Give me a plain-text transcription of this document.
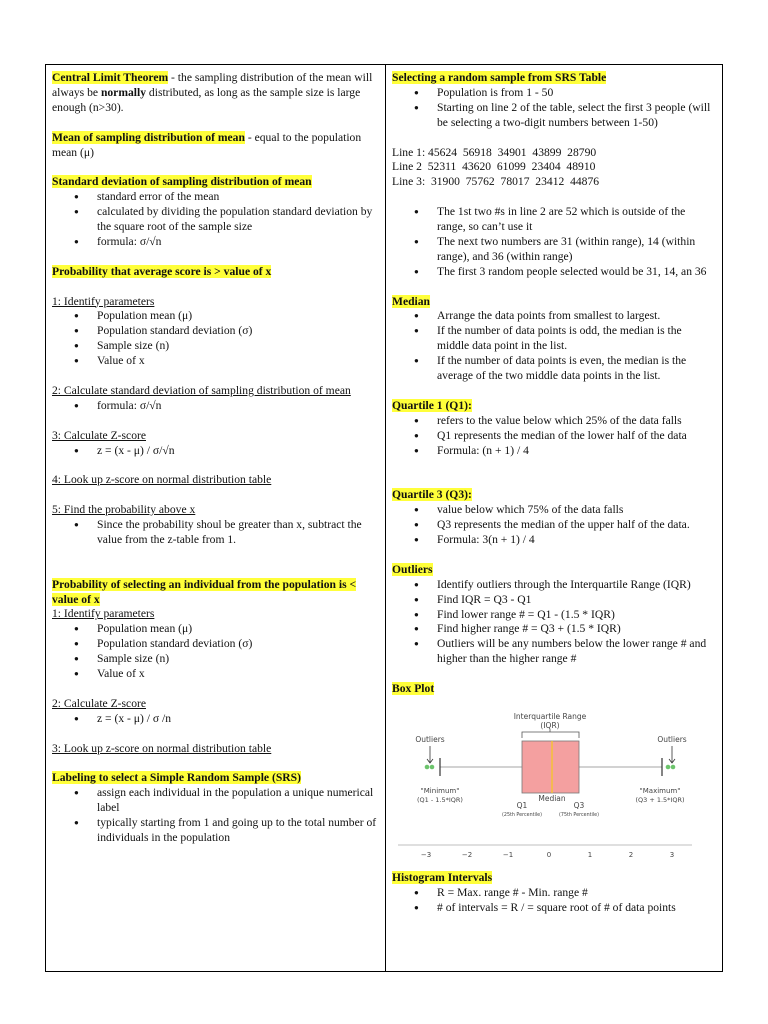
Central Limit Theorem - the sampling distribution of the mean will always be normally distributed, as long as the sample size is large enough (n>30).

Mean of sampling distribution of mean - equal to the population mean (μ)

Standard deviation of sampling distribution of mean

● standard error of the mean
● calculated by dividing the population standard deviation by the square root of the sample size
● formula: σ/√n

Probability that average score is > value of x

1: Identify parameters

● Population mean (μ)
● Population standard deviation (σ)
● Sample size (n)
● Value of x

2: Calculate standard deviation of sampling distribution of mean

● formula: σ/√n

3: Calculate Z-score

● z = (x - μ) / σ/√n

4: Look up z-score on normal distribution table

5: Find the probability above x

● Since the probability shoul be greater than x, subtract the value from the z-table from 1.

Probability of selecting an individual from the population is < value of x

1: Identify parameters

● Population mean (μ)
● Population standard deviation (σ)
● Sample size (n)
● Value of x

2: Calculate Z-score

● z = (x - μ) / σ /n

3: Look up z-score on normal distribution table

Labeling to select a Simple Random Sample (SRS)

● assign each individual in the population a unique numerical label
● typically starting from 1 and going up to the total number of individuals in the population

Selecting a random sample from SRS Table

● Population is from 1 - 50
● Starting on line 2 of the table, select the first 3 people (will be selecting a two-digit numbers between 1-50)

Line 1: 45624  56918  34901  43899  28790

Line 2  52311  43620  61099  23404  48910

Line 3:  31900  75762  78017  23412  44876

● The 1st two #s in line 2 are 52 which is outside of the range, so can’t use it
● The next two numbers are 31 (within range), 14 (within range), and 36 (within range)
● The first 3 random people selected would be 31, 14, an 36

Median

● Arrange the data points from smallest to largest.
● If the number of data points is odd, the median is the middle data point in the list.
● If the number of data points is even, the median is the average of the two middle data points in the list.

Quartile 1 (Q1):

● refers to the value below which 25% of the data falls
● Q1 represents the median of the lower half of the data
● Formula: (n + 1) / 4

Quartile 3 (Q3):

● value below which 75% of the data falls
● Q3 represents the median of the upper half of the data.
● Formula: 3(n + 1) / 4

Outliers

● Identify outliers through the Interquartile Range (IQR)
● Find IQR = Q3 - Q1
● Find lower range # = Q1 - (1.5 * IQR)
● Find higher range # = Q3 + (1.5 * IQR)
● Outliers will be any numbers below the lower range # and higher than the higher range #

Box Plot

Interquartile Range
(IQR)
Outliers	Outliers
"Minimum"
(Q1 - 1.5*IQR)
"Maximum"
(Q3 + 1.5*IQR)
Q1
Median
Q3
(25th Percentile)	(75th Percentile)
−3	−2	−1	0	1	2	3

Histogram Intervals

● R = Max. range # - Min. range #
● # of intervals = R / = square root of # of data points
